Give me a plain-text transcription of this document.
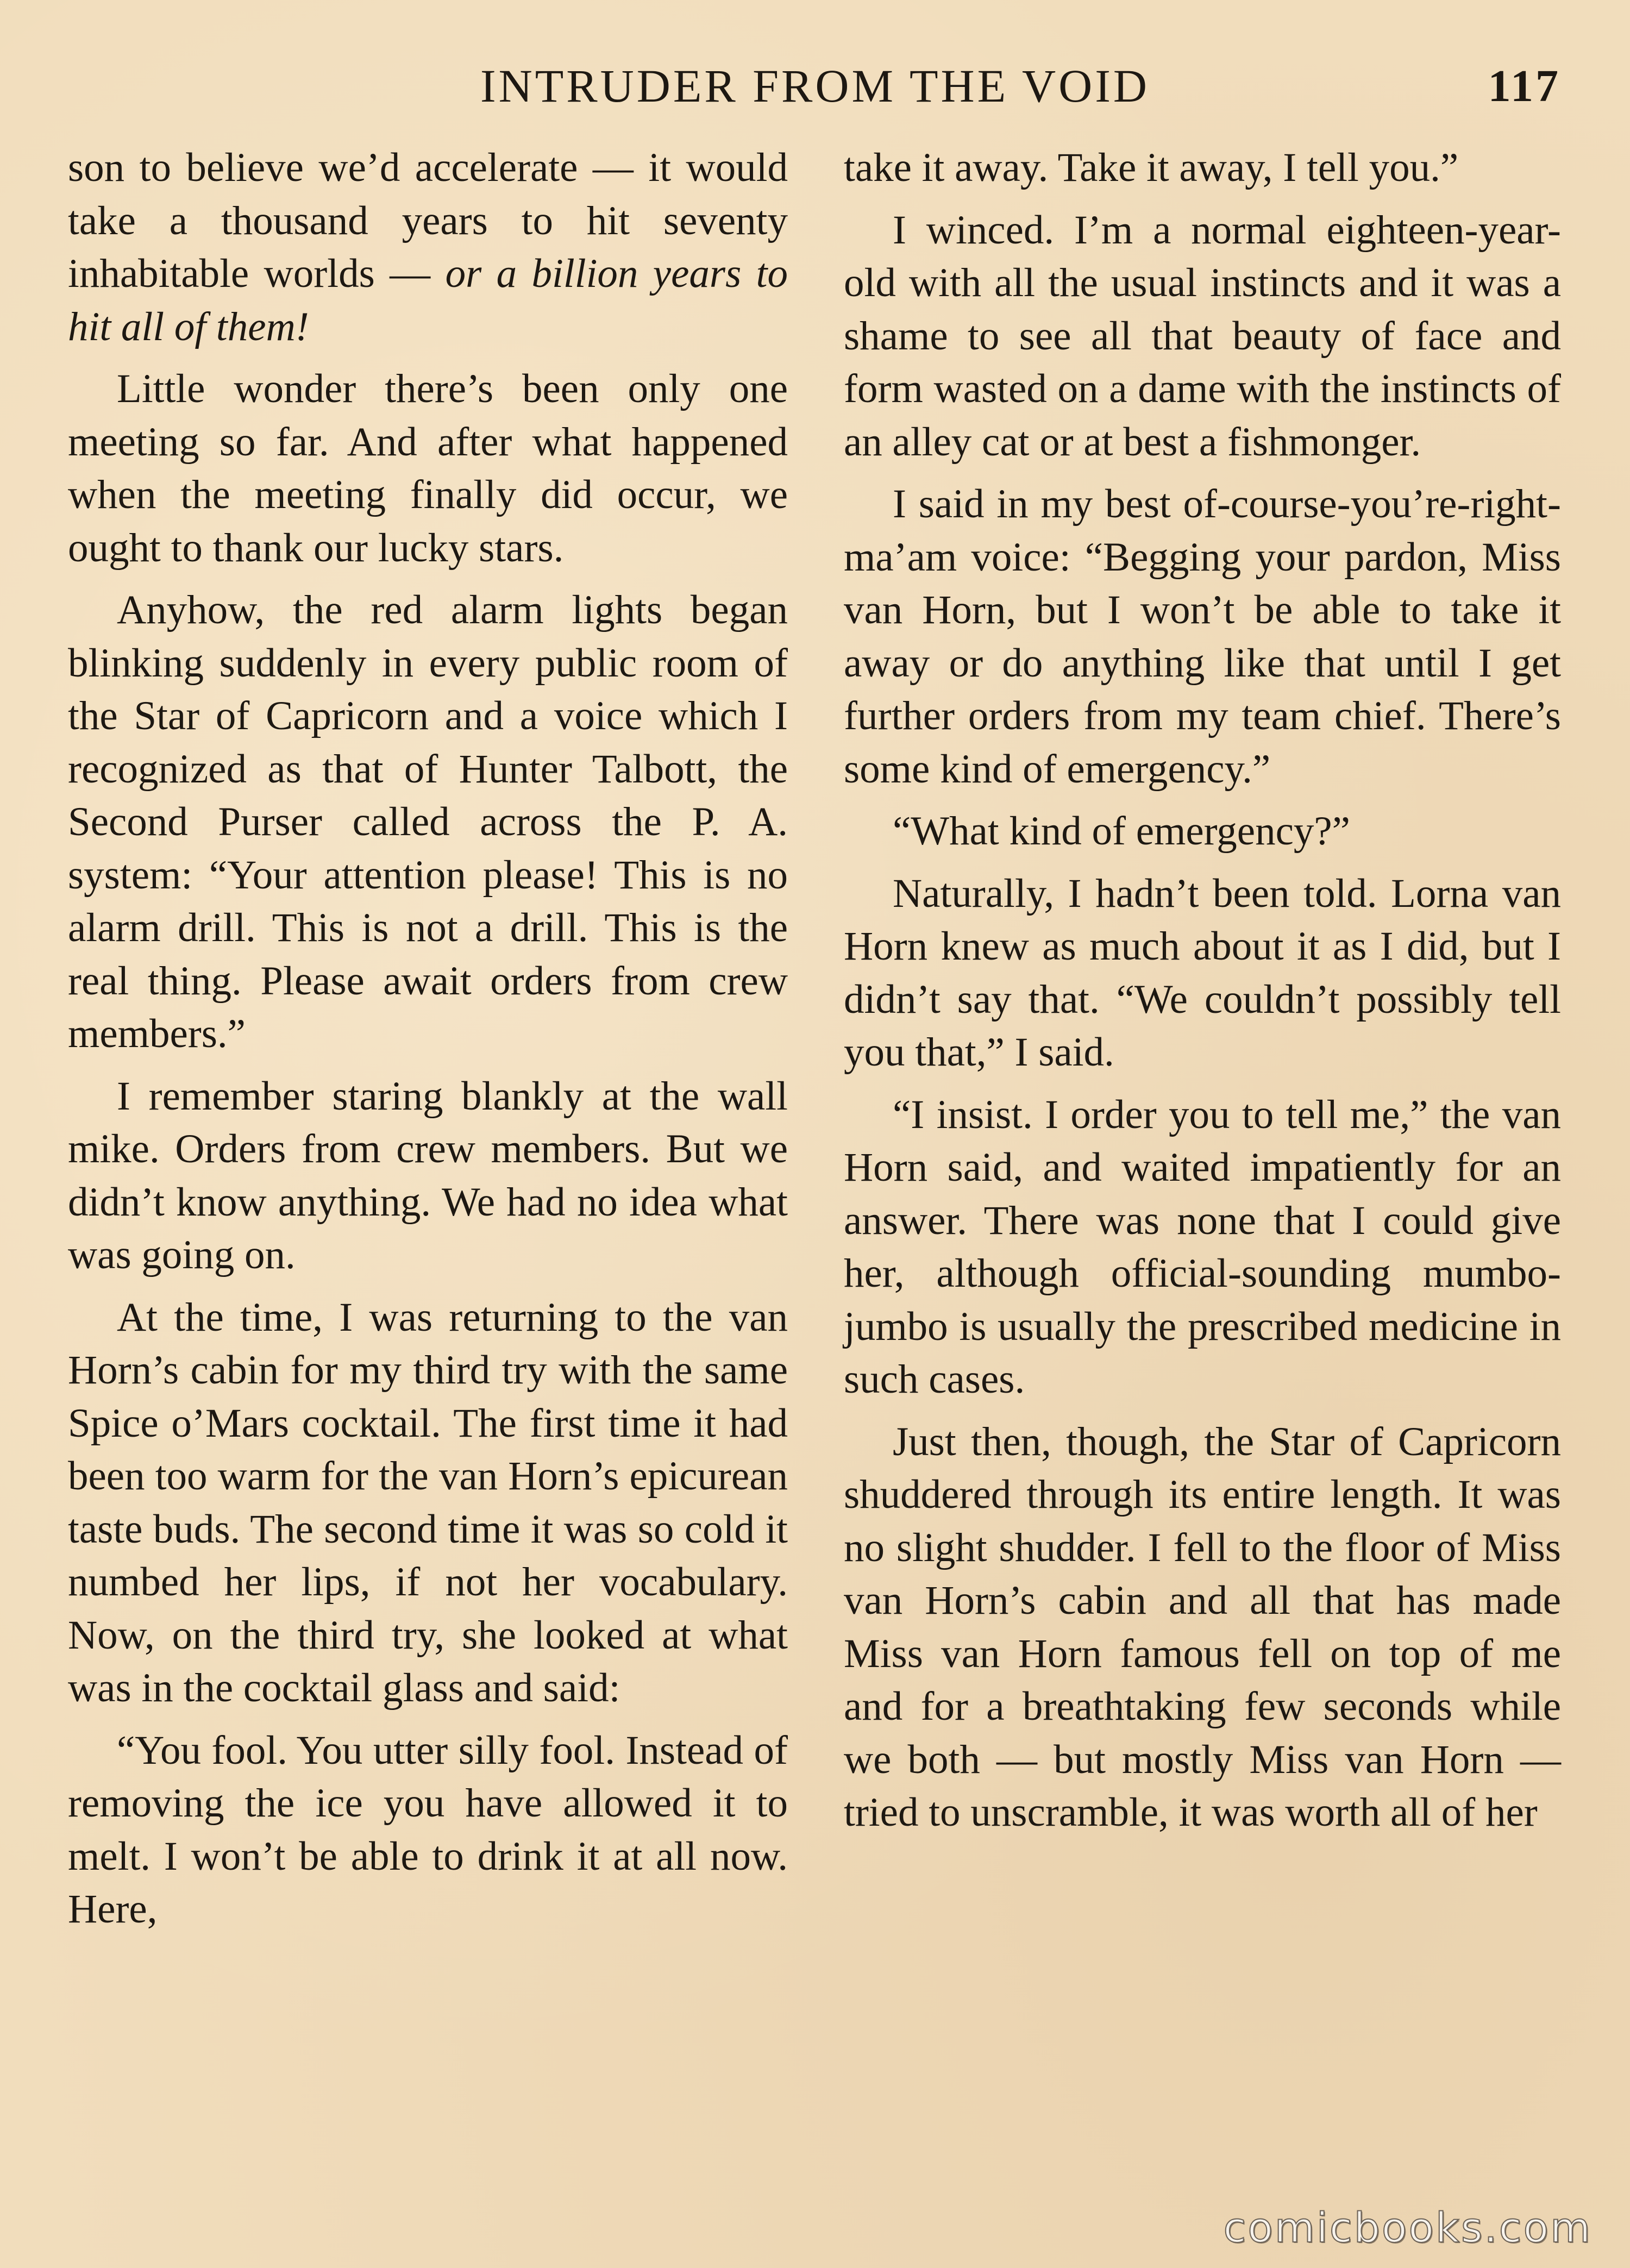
INTRUDER FROM THE VOID	117

son to believe we’d accelerate — it would take a thousand years to hit seventy inhabitable worlds — or a billion years to hit all of them!

Little wonder there’s been only one meeting so far. And after what happened when the meeting finally did occur, we ought to thank our lucky stars.

Anyhow, the red alarm lights began blinking suddenly in every public room of the Star of Capricorn and a voice which I recognized as that of Hunter Talbott, the Second Purser called across the P. A. system: “Your attention please! This is no alarm drill. This is not a drill. This is the real thing. Please await orders from crew members.”

I remember staring blankly at the wall mike. Orders from crew members. But we didn’t know anything. We had no idea what was going on.

At the time, I was returning to the van Horn’s cabin for my third try with the same Spice o’Mars cocktail. The first time it had been too warm for the van Horn’s epicurean taste buds. The second time it was so cold it numbed her lips, if not her vocabulary. Now, on the third try, she looked at what was in the cocktail glass and said:

“You fool. You utter silly fool. Instead of removing the ice you have allowed it to melt. I won’t be able to drink it at all now. Here,

take it away. Take it away, I tell you.”

I winced. I’m a normal eighteen-year-old with all the usual instincts and it was a shame to see all that beauty of face and form wasted on a dame with the instincts of an alley cat or at best a fishmonger.

I said in my best of-course-you’re-right-ma’am voice: “Begging your pardon, Miss van Horn, but I won’t be able to take it away or do anything like that until I get further orders from my team chief. There’s some kind of emergency.”

“What kind of emergency?”

Naturally, I hadn’t been told. Lorna van Horn knew as much about it as I did, but I didn’t say that. “We couldn’t possibly tell you that,” I said.

“I insist. I order you to tell me,” the van Horn said, and waited impatiently for an answer. There was none that I could give her, although official-sounding mumbo-jumbo is usually the prescribed medicine in such cases.

Just then, though, the Star of Capricorn shuddered through its entire length. It was no slight shudder. I fell to the floor of Miss van Horn’s cabin and all that has made Miss van Horn famous fell on top of me and for a breathtaking few seconds while we both — but mostly Miss van Horn — tried to unscramble, it was worth all of her

comicbooks.com
